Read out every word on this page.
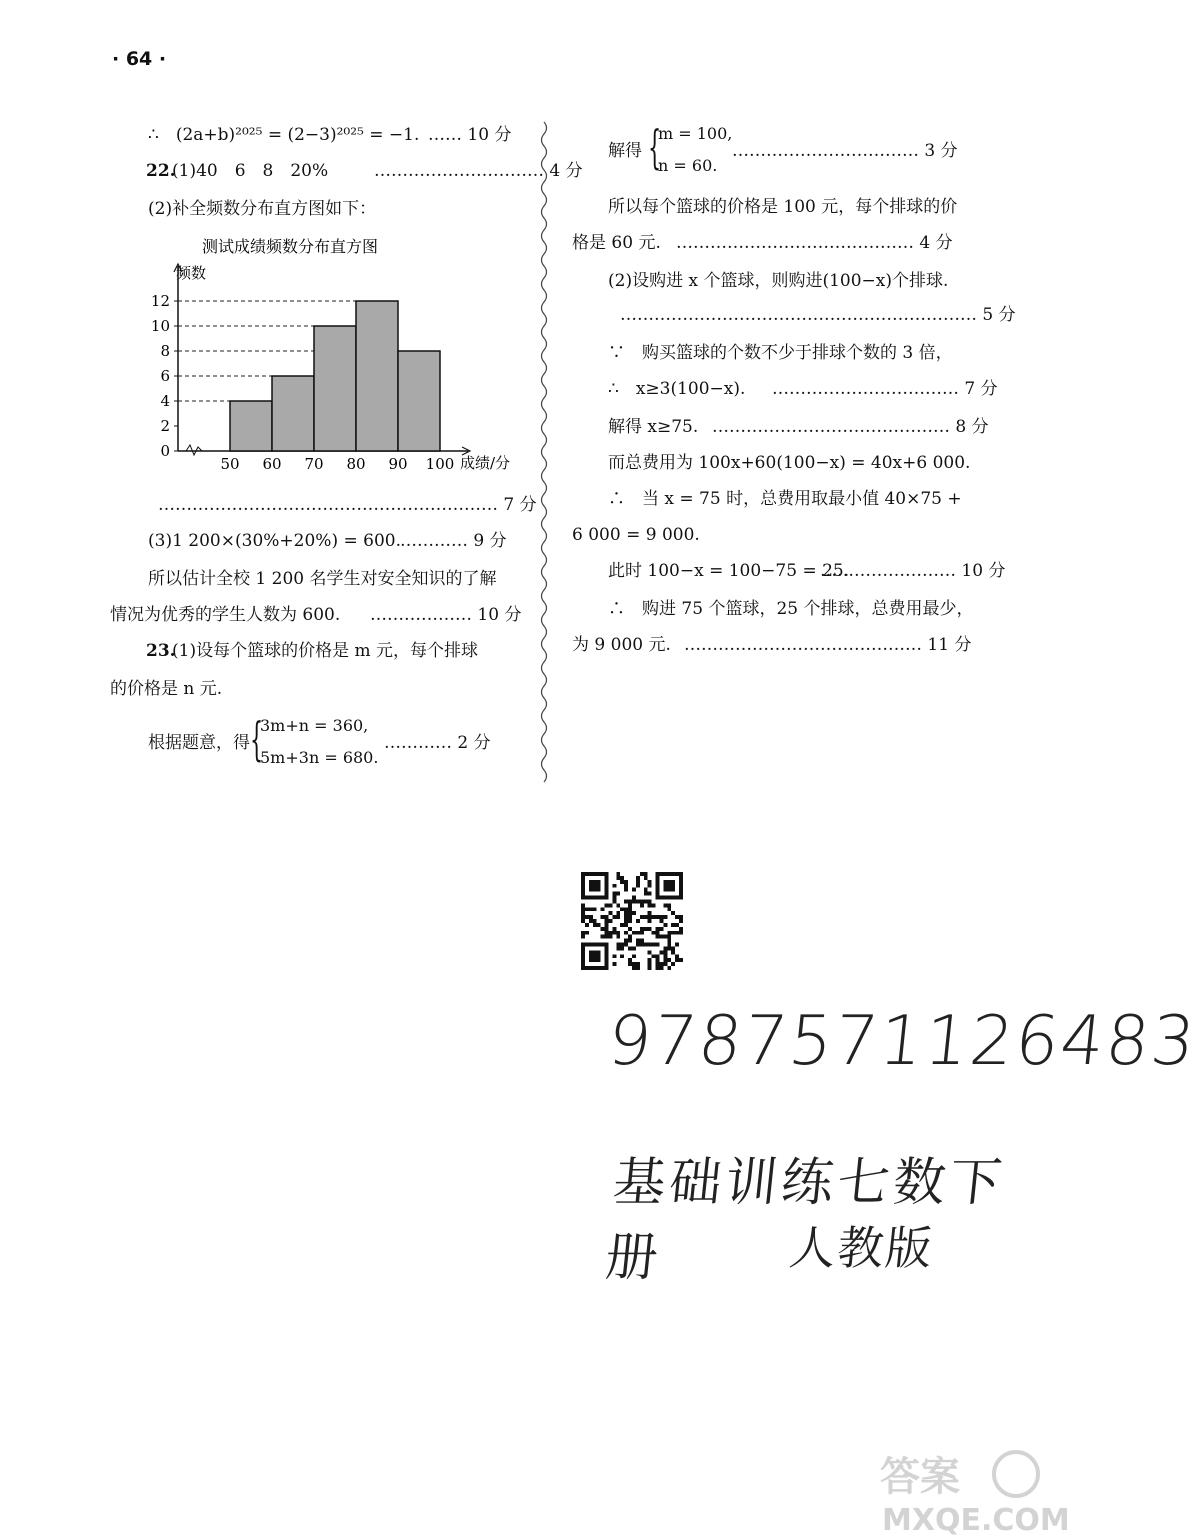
· 64 ·
∴　(2a+b)²⁰²⁵ = (2−3)²⁰²⁵ = −1. …… 10 分
22.
(1)40　6　8　20%	………………………… 4 分
(2)补全频数分布直方图如下：
测试成绩频数分布直方图
频数
成绩/分
0
2
4
6
8
10
12
50 60 70 80 90 100
…………………………………………………… 7 分
(3)1 200×(30%+20%) = 600. ………… 9 分
所以估计全校 1 200 名学生对安全知识的了解
情况为优秀的学生人数为 600. ……………… 10 分
23.
(1)设每个篮球的价格是 m 元，每个排球
的价格是 n 元.
根据题意，得 {
3m+n = 360,
5m+3n = 680.
………… 2 分
解得 {
m = 100,
n = 60.
…………………………… 3 分
所以每个篮球的价格是 100 元，每个排球的价
格是 60 元. …………………………………… 4 分
(2)设购进 x 个篮球，则购进(100−x)个排球.
……………………………………………………… 5 分
∵　购买篮球的个数不少于排球个数的 3 倍，
∴　x≥3(100−x). …………………………… 7 分
解得 x≥75. …………………………………… 8 分
而总费用为 100x+60(100−x) = 40x+6 000.
∴　当 x = 75 时，总费用取最小值 40×75 +
6 000 = 9 000.
此时 100−x = 100−75 = 25.
…………………… 10 分
∴　购进 75 个篮球，25 个排球，总费用最少，
为 9 000 元. …………………………………… 11 分
9787571126483
基础训练七数下册	人教版
答案
MXQE.COM
